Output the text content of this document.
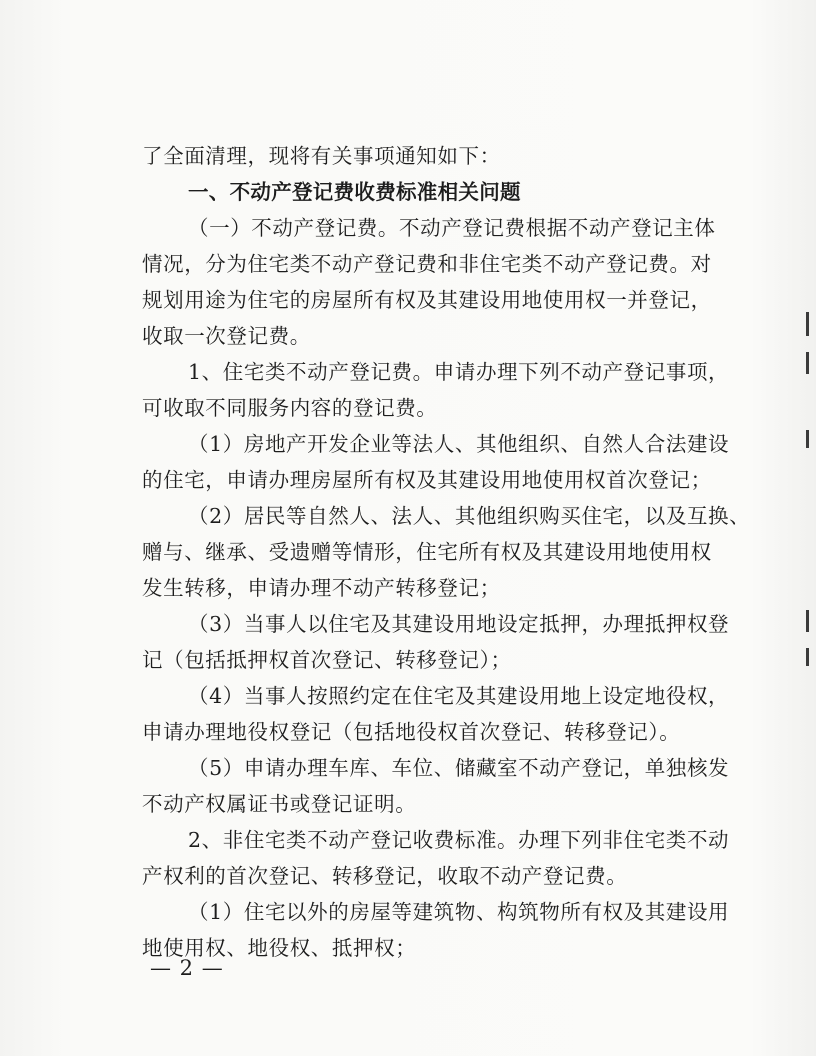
了全面清理，现将有关事项通知如下：
一、不动产登记费收费标准相关问题
（一）不动产登记费。不动产登记费根据不动产登记主体
情况，分为住宅类不动产登记费和非住宅类不动产登记费。对
规划用途为住宅的房屋所有权及其建设用地使用权一并登记，
收取一次登记费。
1、住宅类不动产登记费。申请办理下列不动产登记事项，
可收取不同服务内容的登记费。
（1）房地产开发企业等法人、其他组织、自然人合法建设
的住宅，申请办理房屋所有权及其建设用地使用权首次登记；
（2）居民等自然人、法人、其他组织购买住宅，以及互换、
赠与、继承、受遗赠等情形，住宅所有权及其建设用地使用权
发生转移，申请办理不动产转移登记；
（3）当事人以住宅及其建设用地设定抵押，办理抵押权登
记（包括抵押权首次登记、转移登记）；
（4）当事人按照约定在住宅及其建设用地上设定地役权，
申请办理地役权登记（包括地役权首次登记、转移登记）。
（5）申请办理车库、车位、储藏室不动产登记，单独核发
不动产权属证书或登记证明。
2、非住宅类不动产登记收费标准。办理下列非住宅类不动
产权利的首次登记、转移登记，收取不动产登记费。
（1）住宅以外的房屋等建筑物、构筑物所有权及其建设用
地使用权、地役权、抵押权；
— 2 —
